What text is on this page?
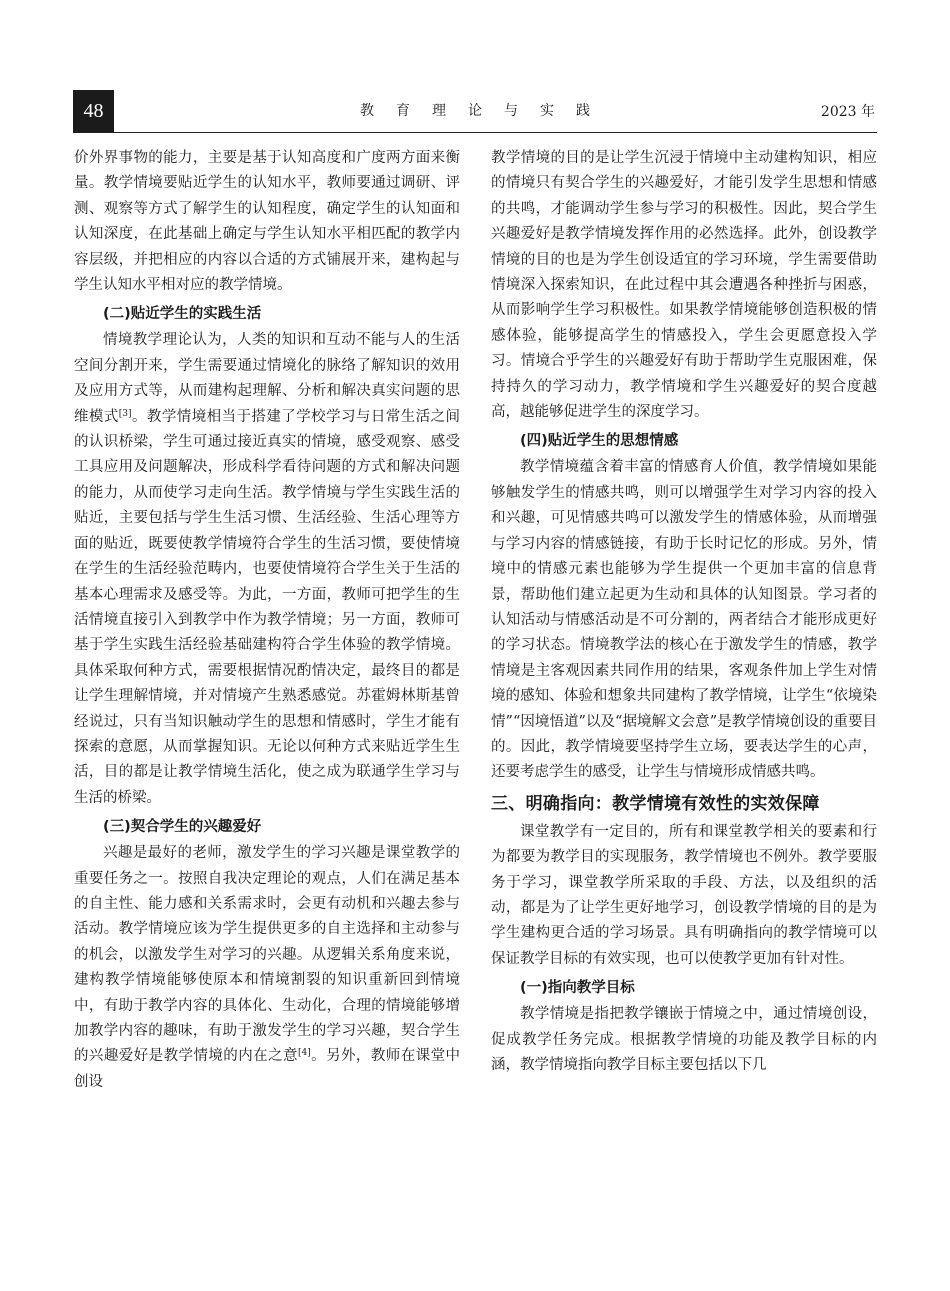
48	教育理论与实践	2023 年

价外界事物的能力，主要是基于认知高度和广度两方面来衡量。教学情境要贴近学生的认知水平，教师要通过调研、评测、观察等方式了解学生的认知程度，确定学生的认知面和认知深度，在此基础上确定与学生认知水平相匹配的教学内容层级，并把相应的内容以合适的方式铺展开来，建构起与学生认知水平相对应的教学情境。

(二)贴近学生的实践生活

情境教学理论认为，人类的知识和互动不能与人的生活空间分割开来，学生需要通过情境化的脉络了解知识的效用及应用方式等，从而建构起理解、分析和解决真实问题的思维模式[3]。教学情境相当于搭建了学校学习与日常生活之间的认识桥梁，学生可通过接近真实的情境，感受观察、感受工具应用及问题解决，形成科学看待问题的方式和解决问题的能力，从而使学习走向生活。教学情境与学生实践生活的贴近，主要包括与学生生活习惯、生活经验、生活心理等方面的贴近，既要使教学情境符合学生的生活习惯，要使情境在学生的生活经验范畴内，也要使情境符合学生关于生活的基本心理需求及感受等。为此，一方面，教师可把学生的生活情境直接引入到教学中作为教学情境；另一方面，教师可基于学生实践生活经验基础建构符合学生体验的教学情境。具体采取何种方式，需要根据情况酌情决定，最终目的都是让学生理解情境，并对情境产生熟悉感觉。苏霍姆林斯基曾经说过，只有当知识触动学生的思想和情感时，学生才能有探索的意愿，从而掌握知识。无论以何种方式来贴近学生生活，目的都是让教学情境生活化，使之成为联通学生学习与生活的桥梁。

(三)契合学生的兴趣爱好

兴趣是最好的老师，激发学生的学习兴趣是课堂教学的重要任务之一。按照自我决定理论的观点，人们在满足基本的自主性、能力感和关系需求时，会更有动机和兴趣去参与活动。教学情境应该为学生提供更多的自主选择和主动参与的机会，以激发学生对学习的兴趣。从逻辑关系角度来说，建构教学情境能够使原本和情境割裂的知识重新回到情境中，有助于教学内容的具体化、生动化，合理的情境能够增加教学内容的趣味，有助于激发学生的学习兴趣，契合学生的兴趣爱好是教学情境的内在之意[4]。另外，教师在课堂中创设

教学情境的目的是让学生沉浸于情境中主动建构知识，相应的情境只有契合学生的兴趣爱好，才能引发学生思想和情感的共鸣，才能调动学生参与学习的积极性。因此，契合学生兴趣爱好是教学情境发挥作用的必然选择。此外，创设教学情境的目的也是为学生创设适宜的学习环境，学生需要借助情境深入探索知识，在此过程中其会遭遇各种挫折与困惑，从而影响学生学习积极性。如果教学情境能够创造积极的情感体验，能够提高学生的情感投入，学生会更愿意投入学习。情境合乎学生的兴趣爱好有助于帮助学生克服困难，保持持久的学习动力，教学情境和学生兴趣爱好的契合度越高，越能够促进学生的深度学习。

(四)贴近学生的思想情感

教学情境蕴含着丰富的情感育人价值，教学情境如果能够触发学生的情感共鸣，则可以增强学生对学习内容的投入和兴趣，可见情感共鸣可以激发学生的情感体验，从而增强与学习内容的情感链接，有助于长时记忆的形成。另外，情境中的情感元素也能够为学生提供一个更加丰富的信息背景，帮助他们建立起更为生动和具体的认知图景。学习者的认知活动与情感活动是不可分割的，两者结合才能形成更好的学习状态。情境教学法的核心在于激发学生的情感，教学情境是主客观因素共同作用的结果，客观条件加上学生对情境的感知、体验和想象共同建构了教学情境，让学生“依境染情”“因境悟道”以及“据境解文会意”是教学情境创设的重要目的。因此，教学情境要坚持学生立场，要表达学生的心声，还要考虑学生的感受，让学生与情境形成情感共鸣。

三、明确指向：教学情境有效性的实效保障

课堂教学有一定目的，所有和课堂教学相关的要素和行为都要为教学目的实现服务，教学情境也不例外。教学要服务于学习，课堂教学所采取的手段、方法，以及组织的活动，都是为了让学生更好地学习，创设教学情境的目的是为学生建构更合适的学习场景。具有明确指向的教学情境可以保证教学目标的有效实现，也可以使教学更加有针对性。

(一)指向教学目标

教学情境是指把教学镶嵌于情境之中，通过情境创设，促成教学任务完成。根据教学情境的功能及教学目标的内涵，教学情境指向教学目标主要包括以下几
